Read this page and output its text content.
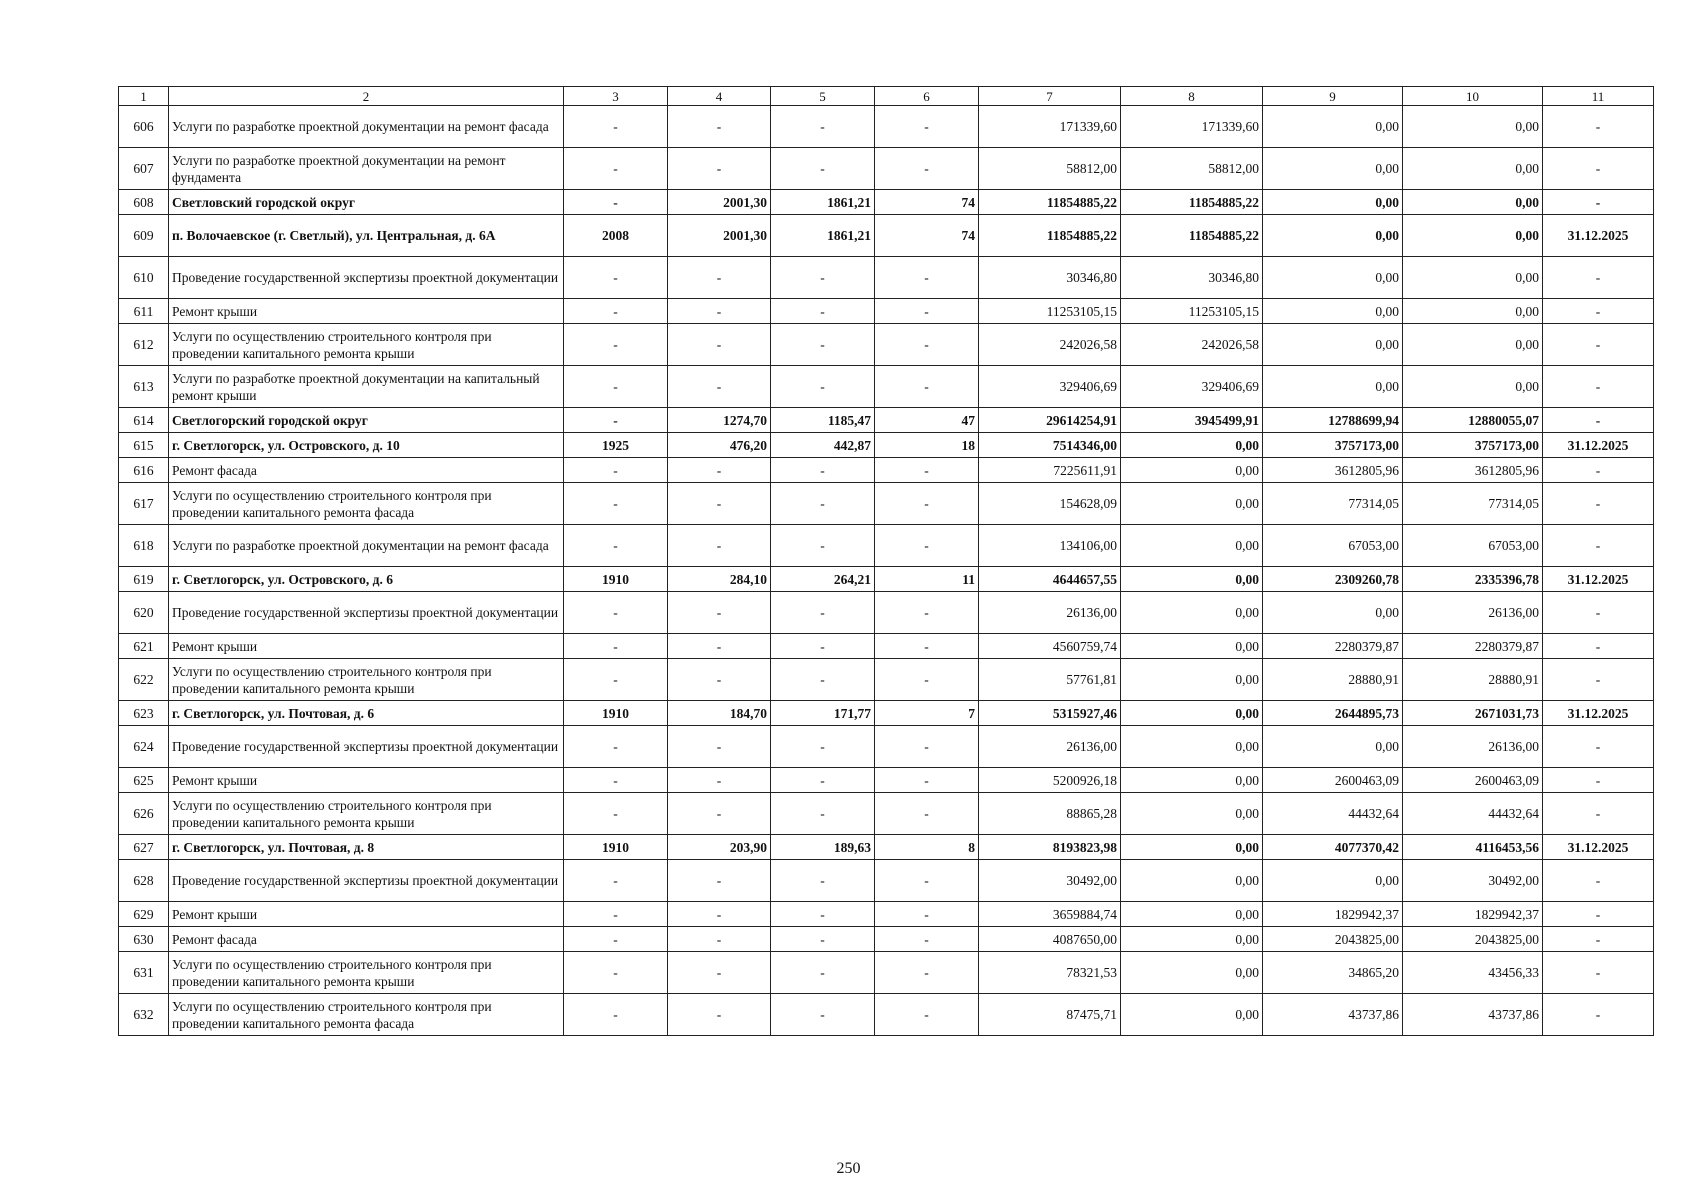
1	2	3	4	5	6	7	8	9	10	11
606	Услуги по разработке проектной документации на ремонт фасада	-	-	-	-	171339,60	171339,60	0,00	0,00	-
607	Услуги по разработке проектной документации на ремонт фундамента	-	-	-	-	58812,00	58812,00	0,00	0,00	-
608	Светловский городской округ	-	2001,30	1861,21	74	11854885,22	11854885,22	0,00	0,00	-
609	п. Волочаевское (г. Светлый), ул. Центральная, д. 6А	2008	2001,30	1861,21	74	11854885,22	11854885,22	0,00	0,00	31.12.2025
610	Проведение государственной экспертизы проектной документации	-	-	-	-	30346,80	30346,80	0,00	0,00	-
611	Ремонт крыши	-	-	-	-	11253105,15	11253105,15	0,00	0,00	-
612	Услуги по осуществлению строительного контроля при проведении капитального ремонта крыши	-	-	-	-	242026,58	242026,58	0,00	0,00	-
613	Услуги по разработке проектной документации на капитальный ремонт крыши	-	-	-	-	329406,69	329406,69	0,00	0,00	-
614	Светлогорский городской округ	-	1274,70	1185,47	47	29614254,91	3945499,91	12788699,94	12880055,07	-
615	г. Светлогорск, ул. Островского, д. 10	1925	476,20	442,87	18	7514346,00	0,00	3757173,00	3757173,00	31.12.2025
616	Ремонт фасада	-	-	-	-	7225611,91	0,00	3612805,96	3612805,96	-
617	Услуги по осуществлению строительного контроля при проведении капитального ремонта фасада	-	-	-	-	154628,09	0,00	77314,05	77314,05	-
618	Услуги по разработке проектной документации на ремонт фасада	-	-	-	-	134106,00	0,00	67053,00	67053,00	-
619	г. Светлогорск, ул. Островского, д. 6	1910	284,10	264,21	11	4644657,55	0,00	2309260,78	2335396,78	31.12.2025
620	Проведение государственной экспертизы проектной документации	-	-	-	-	26136,00	0,00	0,00	26136,00	-
621	Ремонт крыши	-	-	-	-	4560759,74	0,00	2280379,87	2280379,87	-
622	Услуги по осуществлению строительного контроля при проведении капитального ремонта крыши	-	-	-	-	57761,81	0,00	28880,91	28880,91	-
623	г. Светлогорск, ул. Почтовая, д. 6	1910	184,70	171,77	7	5315927,46	0,00	2644895,73	2671031,73	31.12.2025
624	Проведение государственной экспертизы проектной документации	-	-	-	-	26136,00	0,00	0,00	26136,00	-
625	Ремонт крыши	-	-	-	-	5200926,18	0,00	2600463,09	2600463,09	-
626	Услуги по осуществлению строительного контроля при проведении капитального ремонта крыши	-	-	-	-	88865,28	0,00	44432,64	44432,64	-
627	г. Светлогорск, ул. Почтовая, д. 8	1910	203,90	189,63	8	8193823,98	0,00	4077370,42	4116453,56	31.12.2025
628	Проведение государственной экспертизы проектной документации	-	-	-	-	30492,00	0,00	0,00	30492,00	-
629	Ремонт крыши	-	-	-	-	3659884,74	0,00	1829942,37	1829942,37	-
630	Ремонт фасада	-	-	-	-	4087650,00	0,00	2043825,00	2043825,00	-
631	Услуги по осуществлению строительного контроля при проведении капитального ремонта крыши	-	-	-	-	78321,53	0,00	34865,20	43456,33	-
632	Услуги по осуществлению строительного контроля при проведении капитального ремонта фасада	-	-	-	-	87475,71	0,00	43737,86	43737,86	-
250
